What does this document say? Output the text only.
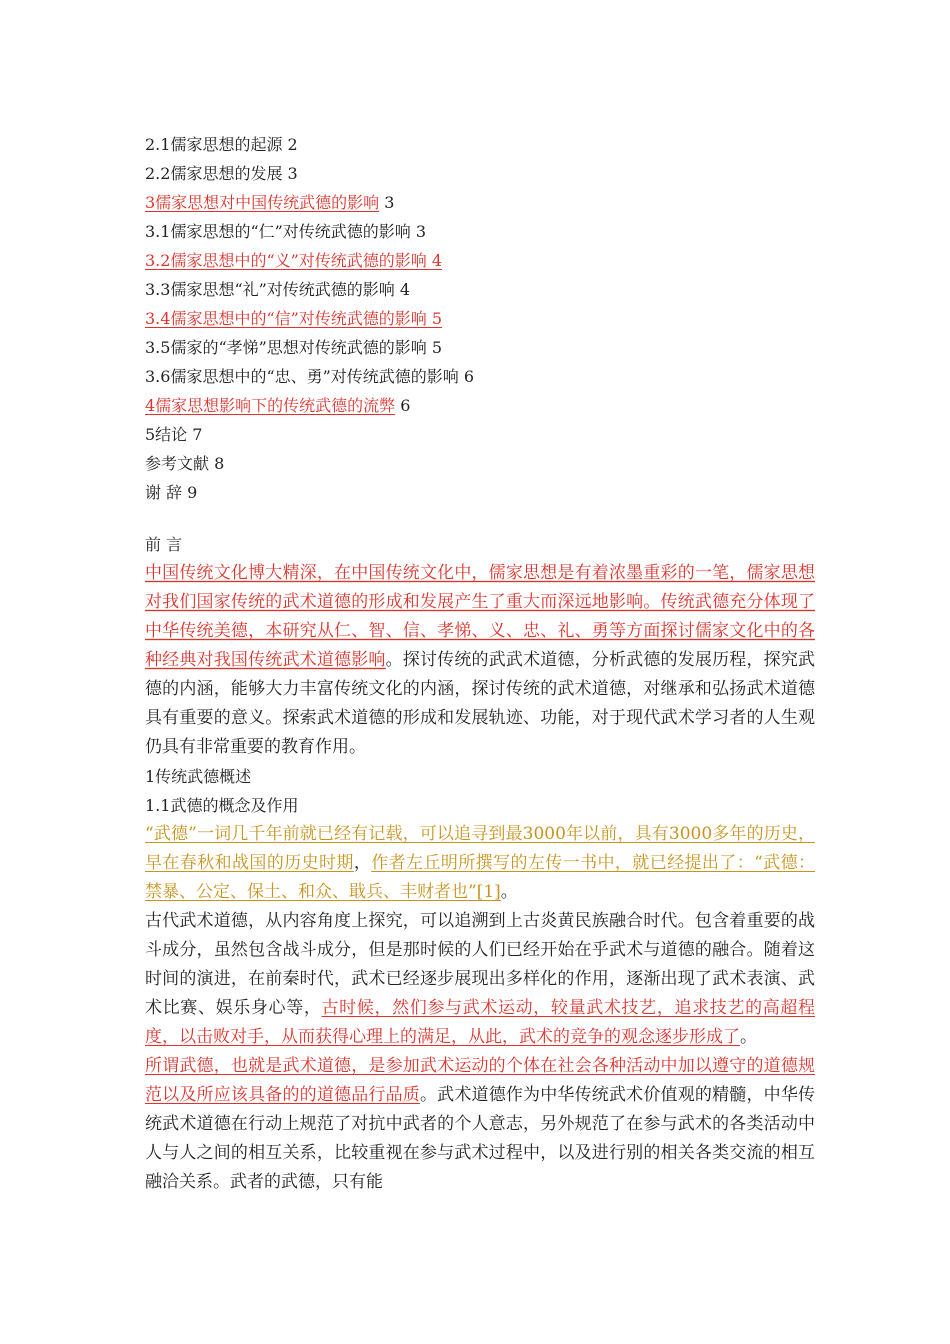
2.1儒家思想的起源 2
2.2儒家思想的发展 3
3儒家思想对中国传统武德的影响 3
3.1儒家思想的“仁”对传统武德的影响 3
3.2儒家思想中的“义”对传统武德的影响 4
3.3儒家思想“礼”对传统武德的影响 4
3.4儒家思想中的“信”对传统武德的影响 5
3.5儒家的“孝悌”思想对传统武德的影响 5
3.6儒家思想中的“忠、勇”对传统武德的影响 6
4儒家思想影响下的传统武德的流弊 6
5结论 7
参考文献 8
谢 辞 9
前 言

中国传统文化博大精深，在中国传统文化中，儒家思想是有着浓墨重彩的一笔，儒家思想对我们国家传统的武术道德的形成和发展产生了重大而深远地影响。传统武德充分体现了中华传统美德，本研究从仁、智、信、孝悌、义、忠、礼、勇等方面探讨儒家文化中的各种经典对我国传统武术道德影响。探讨传统的武武术道德，分析武德的发展历程，探究武德的内涵，能够大力丰富传统文化的内涵，探讨传统的武术道德，对继承和弘扬武术道德具有重要的意义。探索武术道德的形成和发展轨迹、功能，对于现代武术学习者的人生观仍具有非常重要的教育作用。

1传统武德概述
1.1武德的概念及作用

“武德”一词几千年前就已经有记载，可以追寻到最3000年以前，具有3000多年的历史，早在春秋和战国的历史时期，作者左丘明所撰写的左传一书中，就已经提出了：“武德：禁暴、公定、保土、和众、戢兵、丰财者也”[1]。

古代武术道德，从内容角度上探究，可以追溯到上古炎黄民族融合时代。包含着重要的战斗成分，虽然包含战斗成分，但是那时候的人们已经开始在乎武术与道德的融合。随着这时间的演进，在前秦时代，武术已经逐步展现出多样化的作用，逐渐出现了武术表演、武术比赛、娱乐身心等，古时候，然们参与武术运动，较量武术技艺，追求技艺的高超程度，以击败对手，从而获得心理上的满足，从此，武术的竞争的观念逐步形成了。

所谓武德，也就是武术道德，是参加武术运动的个体在社会各种活动中加以遵守的道德规范以及所应该具备的的道德品行品质。武术道德作为中华传统武术价值观的精髓，中华传统武术道德在行动上规范了对抗中武者的个人意志，另外规范了在参与武术的各类活动中人与人之间的相互关系，比较重视在参与武术过程中，以及进行别的相关各类交流的相互融洽关系。武者的武德，只有能
